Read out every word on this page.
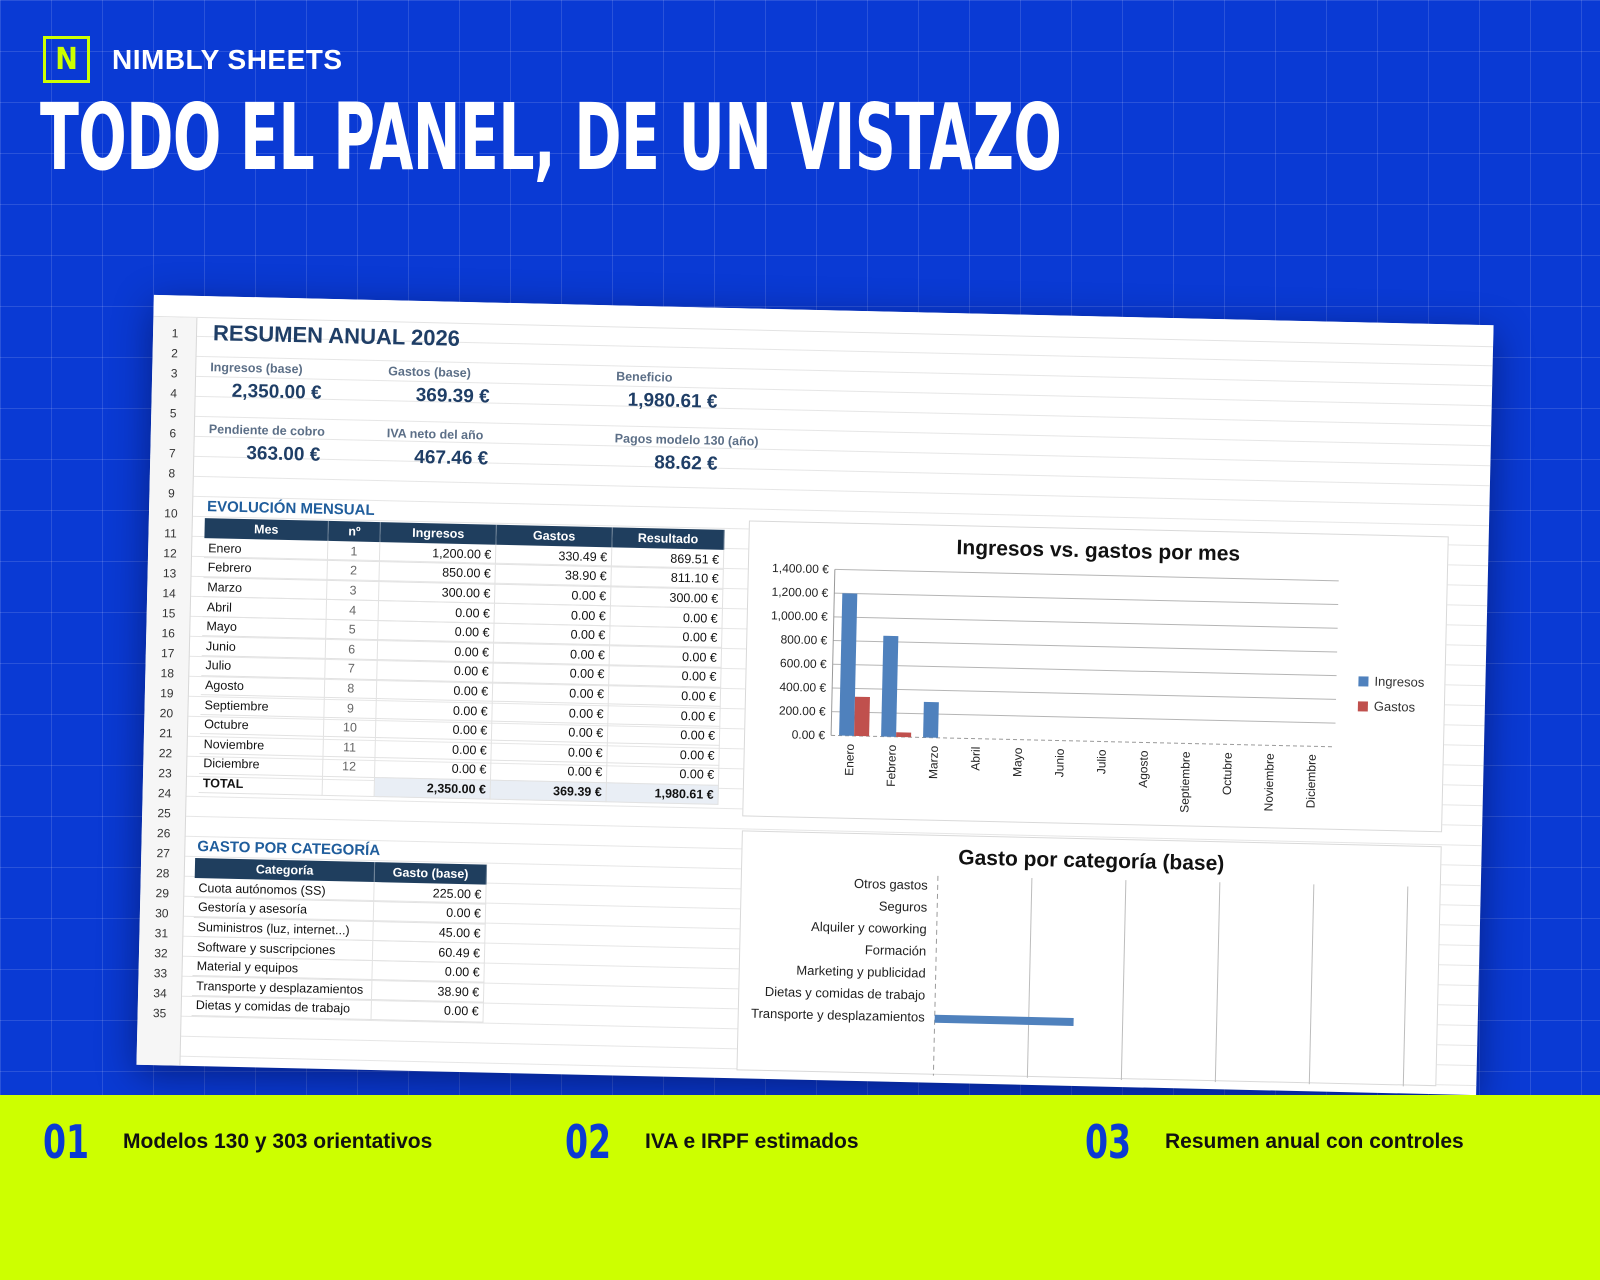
N	NIMBLY SHEETS
TODO EL PANEL, DE UN VISTAZO
1
2
3
4
5
6
7
8
9
10
11
12
13
14
15
16
17
18
19
20
21
22
23
24
25
26
27
28
29
30
31
32
33
34
35
RESUMEN ANUAL 2026
Ingresos (base)
2,350.00 €
Gastos (base)
369.39 €
Beneficio
1,980.61 €
Pendiente de cobro
363.00 €
IVA neto del año
467.46 €
Pagos modelo 130 (año)
88.62 €
EVOLUCIÓN MENSUAL
Mes	nº	Ingresos	Gastos	Resultado
Enero	1	1,200.00 €	330.49 €	869.51 €
Febrero	2	850.00 €	38.90 €	811.10 €
Marzo	3	300.00 €	0.00 €	300.00 €
Abril	4	0.00 €	0.00 €	0.00 €
Mayo	5	0.00 €	0.00 €	0.00 €
Junio	6	0.00 €	0.00 €	0.00 €
Julio	7	0.00 €	0.00 €	0.00 €
Agosto	8	0.00 €	0.00 €	0.00 €
Septiembre	9	0.00 €	0.00 €	0.00 €
Octubre	10	0.00 €	0.00 €	0.00 €
Noviembre	11	0.00 €	0.00 €	0.00 €
Diciembre	12	0.00 €	0.00 €	0.00 €
TOTAL		2,350.00 €	369.39 €	1,980.61 €
GASTO POR CATEGORÍA
Categoría	Gasto (base)
Cuota autónomos (SS)	225.00 €
Gestoría y asesoría	0.00 €
Suministros (luz, internet...)	45.00 €
Software y suscripciones	60.49 €
Material y equipos	0.00 €
Transporte y desplazamientos	38.90 €
Dietas y comidas de trabajo	0.00 €
Ingresos vs. gastos por mes
0.00 €
200.00 €
400.00 €
600.00 €
800.00 €
1,000.00 €
1,200.00 €
1,400.00 €
Enero Febrero Marzo Abril Mayo Junio Julio Agosto Septiembre Octubre Noviembre Diciembre
Ingresos
Gastos
Gasto por categoría (base)
Otros gastos
Seguros
Alquiler y coworking
Formación
Marketing y publicidad
Dietas y comidas de trabajo
Transporte y desplazamientos
01 Modelos 130 y 303 orientativos	02 IVA e IRPF estimados	03 Resumen anual con controles
